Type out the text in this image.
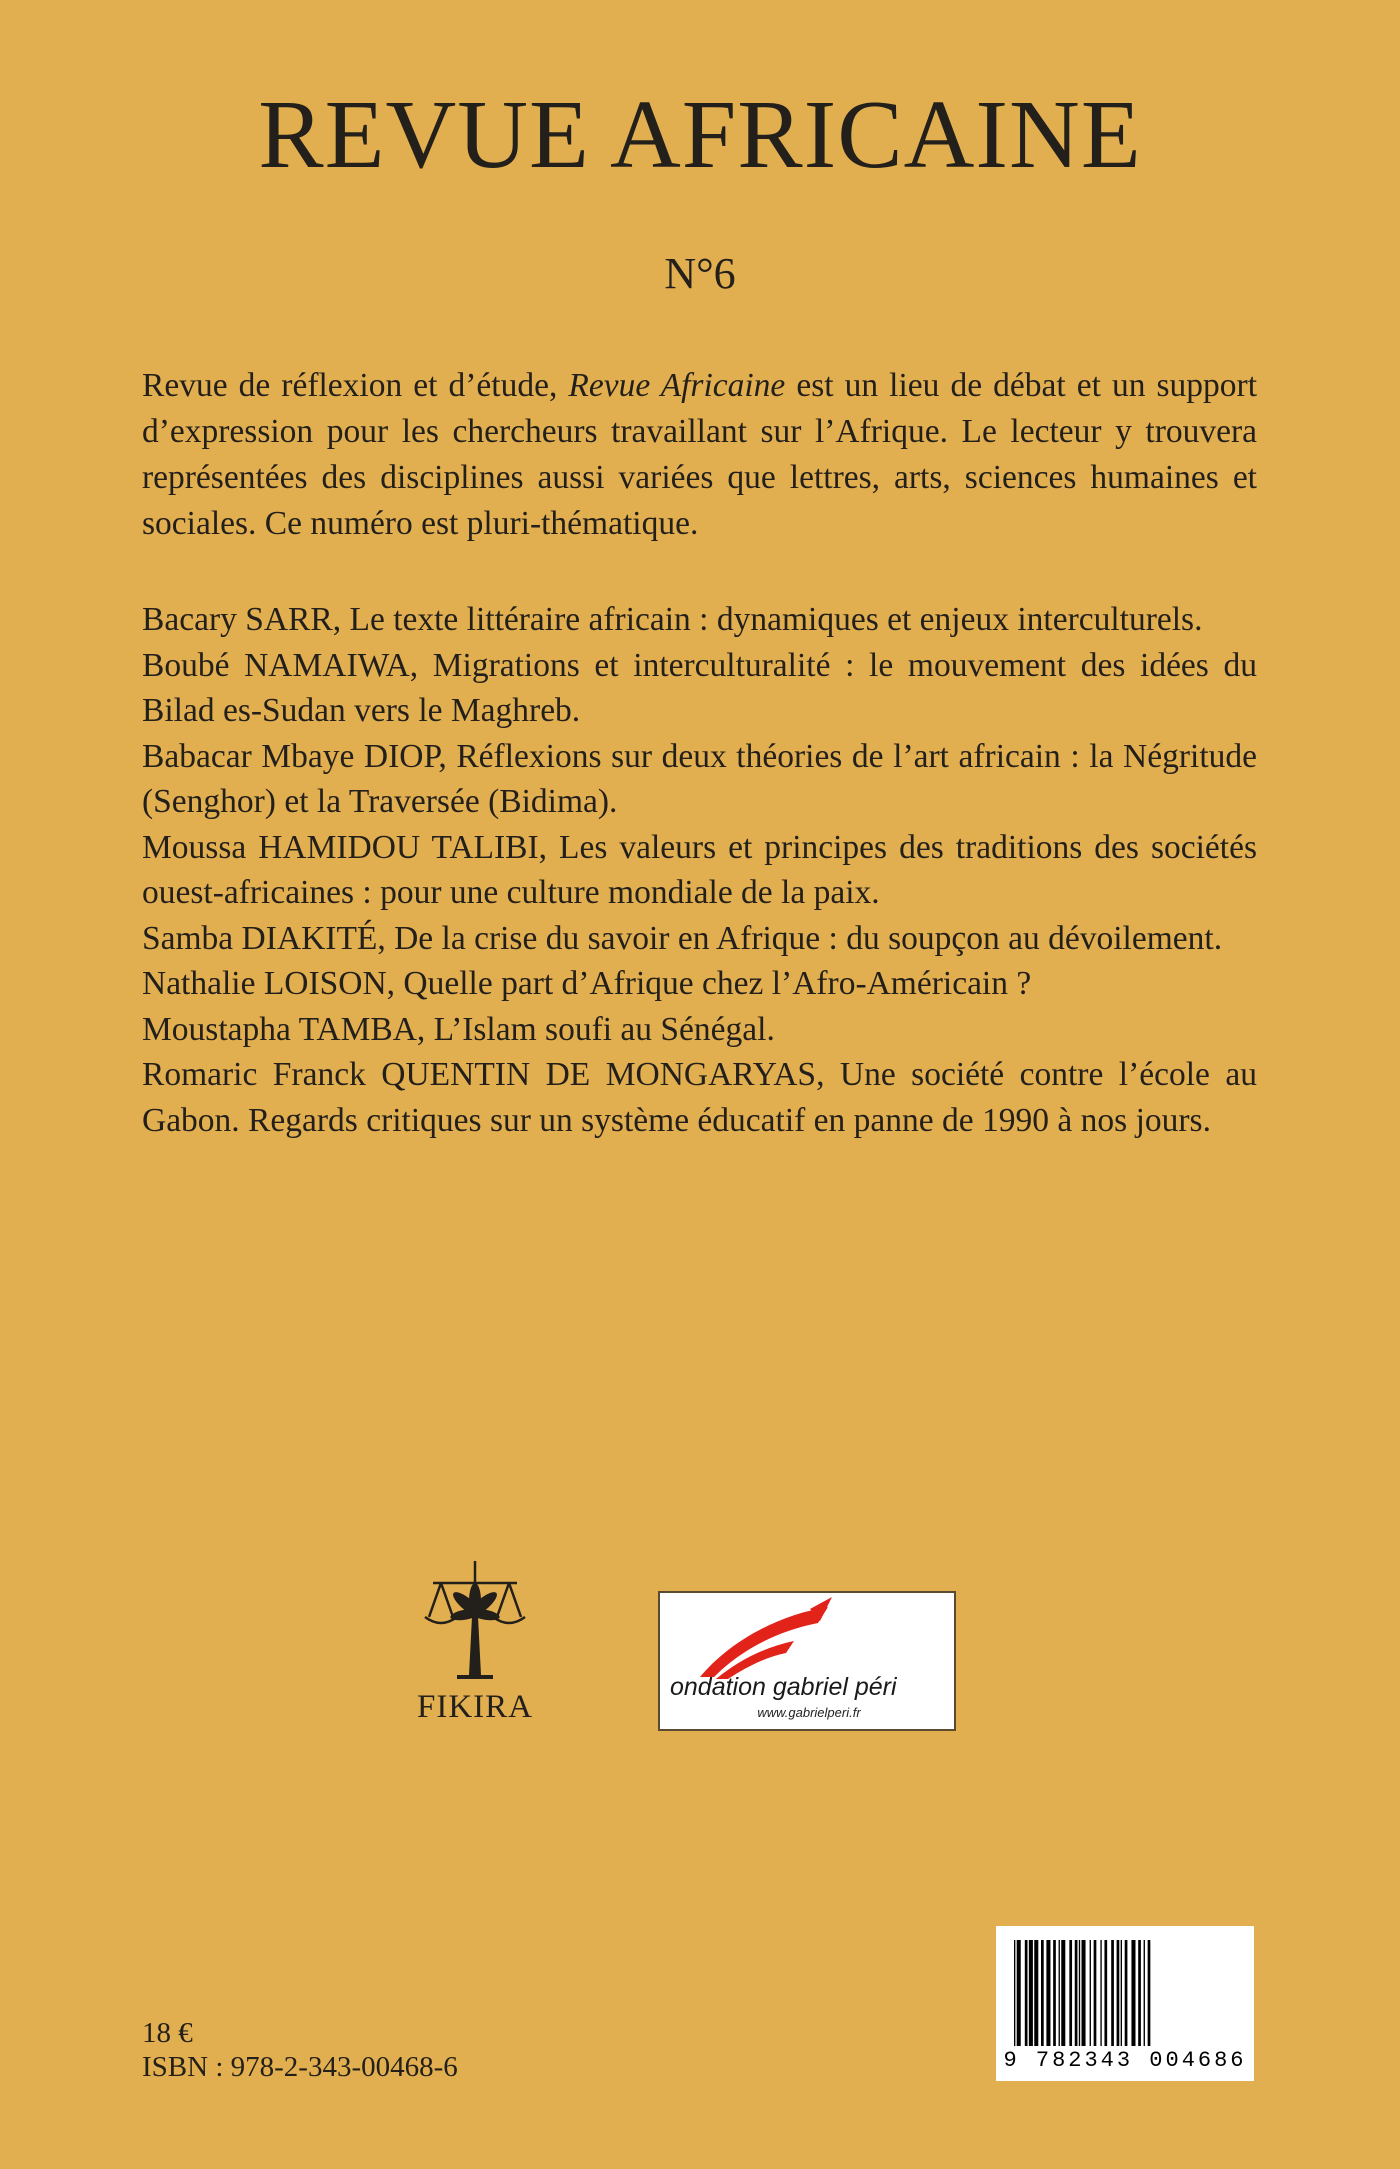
REVUE AFRICAINE
N°6

Revue de réflexion et d’étude, Revue Africaine est un lieu de débat et un support d’expression pour les chercheurs travaillant sur l’Afrique. Le lecteur y trouvera représentées des disciplines aussi variées que lettres, arts, sciences humaines et sociales. Ce numéro est pluri-thématique.

Bacary SARR, Le texte littéraire africain : dynamiques et enjeux interculturels.

Boubé NAMAIWA, Migrations et interculturalité : le mouvement des idées du Bilad es-Sudan vers le Maghreb.

Babacar Mbaye DIOP, Réflexions sur deux théories de l’art africain : la Négritude (Senghor) et la Traversée (Bidima).

Moussa HAMIDOU TALIBI, Les valeurs et principes des traditions des sociétés ouest-africaines : pour une culture mondiale de la paix.

Samba DIAKITÉ, De la crise du savoir en Afrique : du soupçon au dévoilement.

Nathalie LOISON, Quelle part d’Afrique chez l’Afro-Américain ?

Moustapha TAMBA, L’Islam soufi au Sénégal.

Romaric Franck QUENTIN DE MONGARYAS, Une société contre l’école au Gabon. Regards critiques sur un système éducatif en panne de 1990 à nos jours.

FIKIRA
ondation gabriel péri
www.gabrielperi.fr
9 782343 004686
18 €
ISBN : 978-2-343-00468-6
